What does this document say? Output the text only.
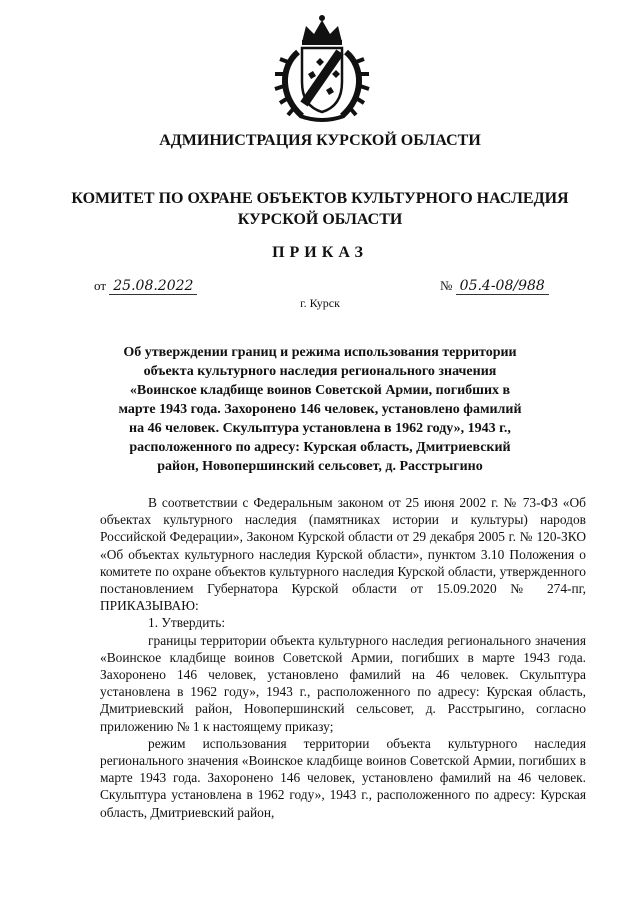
АДМИНИСТРАЦИЯ КУРСКОЙ ОБЛАСТИ
КОМИТЕТ ПО ОХРАНЕ ОБЪЕКТОВ КУЛЬТУРНОГО НАСЛЕДИЯ
КУРСКОЙ ОБЛАСТИ
ПРИКАЗ
от 25.08.2022	№ 05.4-08/988
г. Курск
Об утверждении границ и режима использования территории объекта культурного наследия регионального значения «Воинское кладбище воинов Советской Армии, погибших в марте 1943 года. Захоронено 146 человек, установлено фамилий на 46 человек. Скульптура установлена в 1962 году», 1943 г., расположенного по адресу: Курская область, Дмитриевский район, Новопершинский сельсовет, д. Расстрыгино

В соответствии с Федеральным законом от 25 июня 2002 г. № 73-ФЗ «Об объектах культурного наследия (памятниках истории и культуры) народов Российской Федерации», Законом Курской области от 29 декабря 2005 г. № 120-ЗКО «Об объектах культурного наследия Курской области», пунктом 3.10 Положения о комитете по охране объектов культурного наследия Курской области, утвержденного постановлением Губернатора Курской области от 15.09.2020 № 274-пг, ПРИКАЗЫВАЮ:

1. Утвердить:

границы территории объекта культурного наследия регионального значения «Воинское кладбище воинов Советской Армии, погибших в марте 1943 года. Захоронено 146 человек, установлено фамилий на 46 человек. Скульптура установлена в 1962 году», 1943 г., расположенного по адресу: Курская область, Дмитриевский район, Новопершинский сельсовет, д. Расстрыгино, согласно приложению № 1 к настоящему приказу;

режим использования территории объекта культурного наследия регионального значения «Воинское кладбище воинов Советской Армии, погибших в марте 1943 года. Захоронено 146 человек, установлено фамилий на 46 человек. Скульптура установлена в 1962 году», 1943 г., расположенного по адресу: Курская область, Дмитриевский район,
